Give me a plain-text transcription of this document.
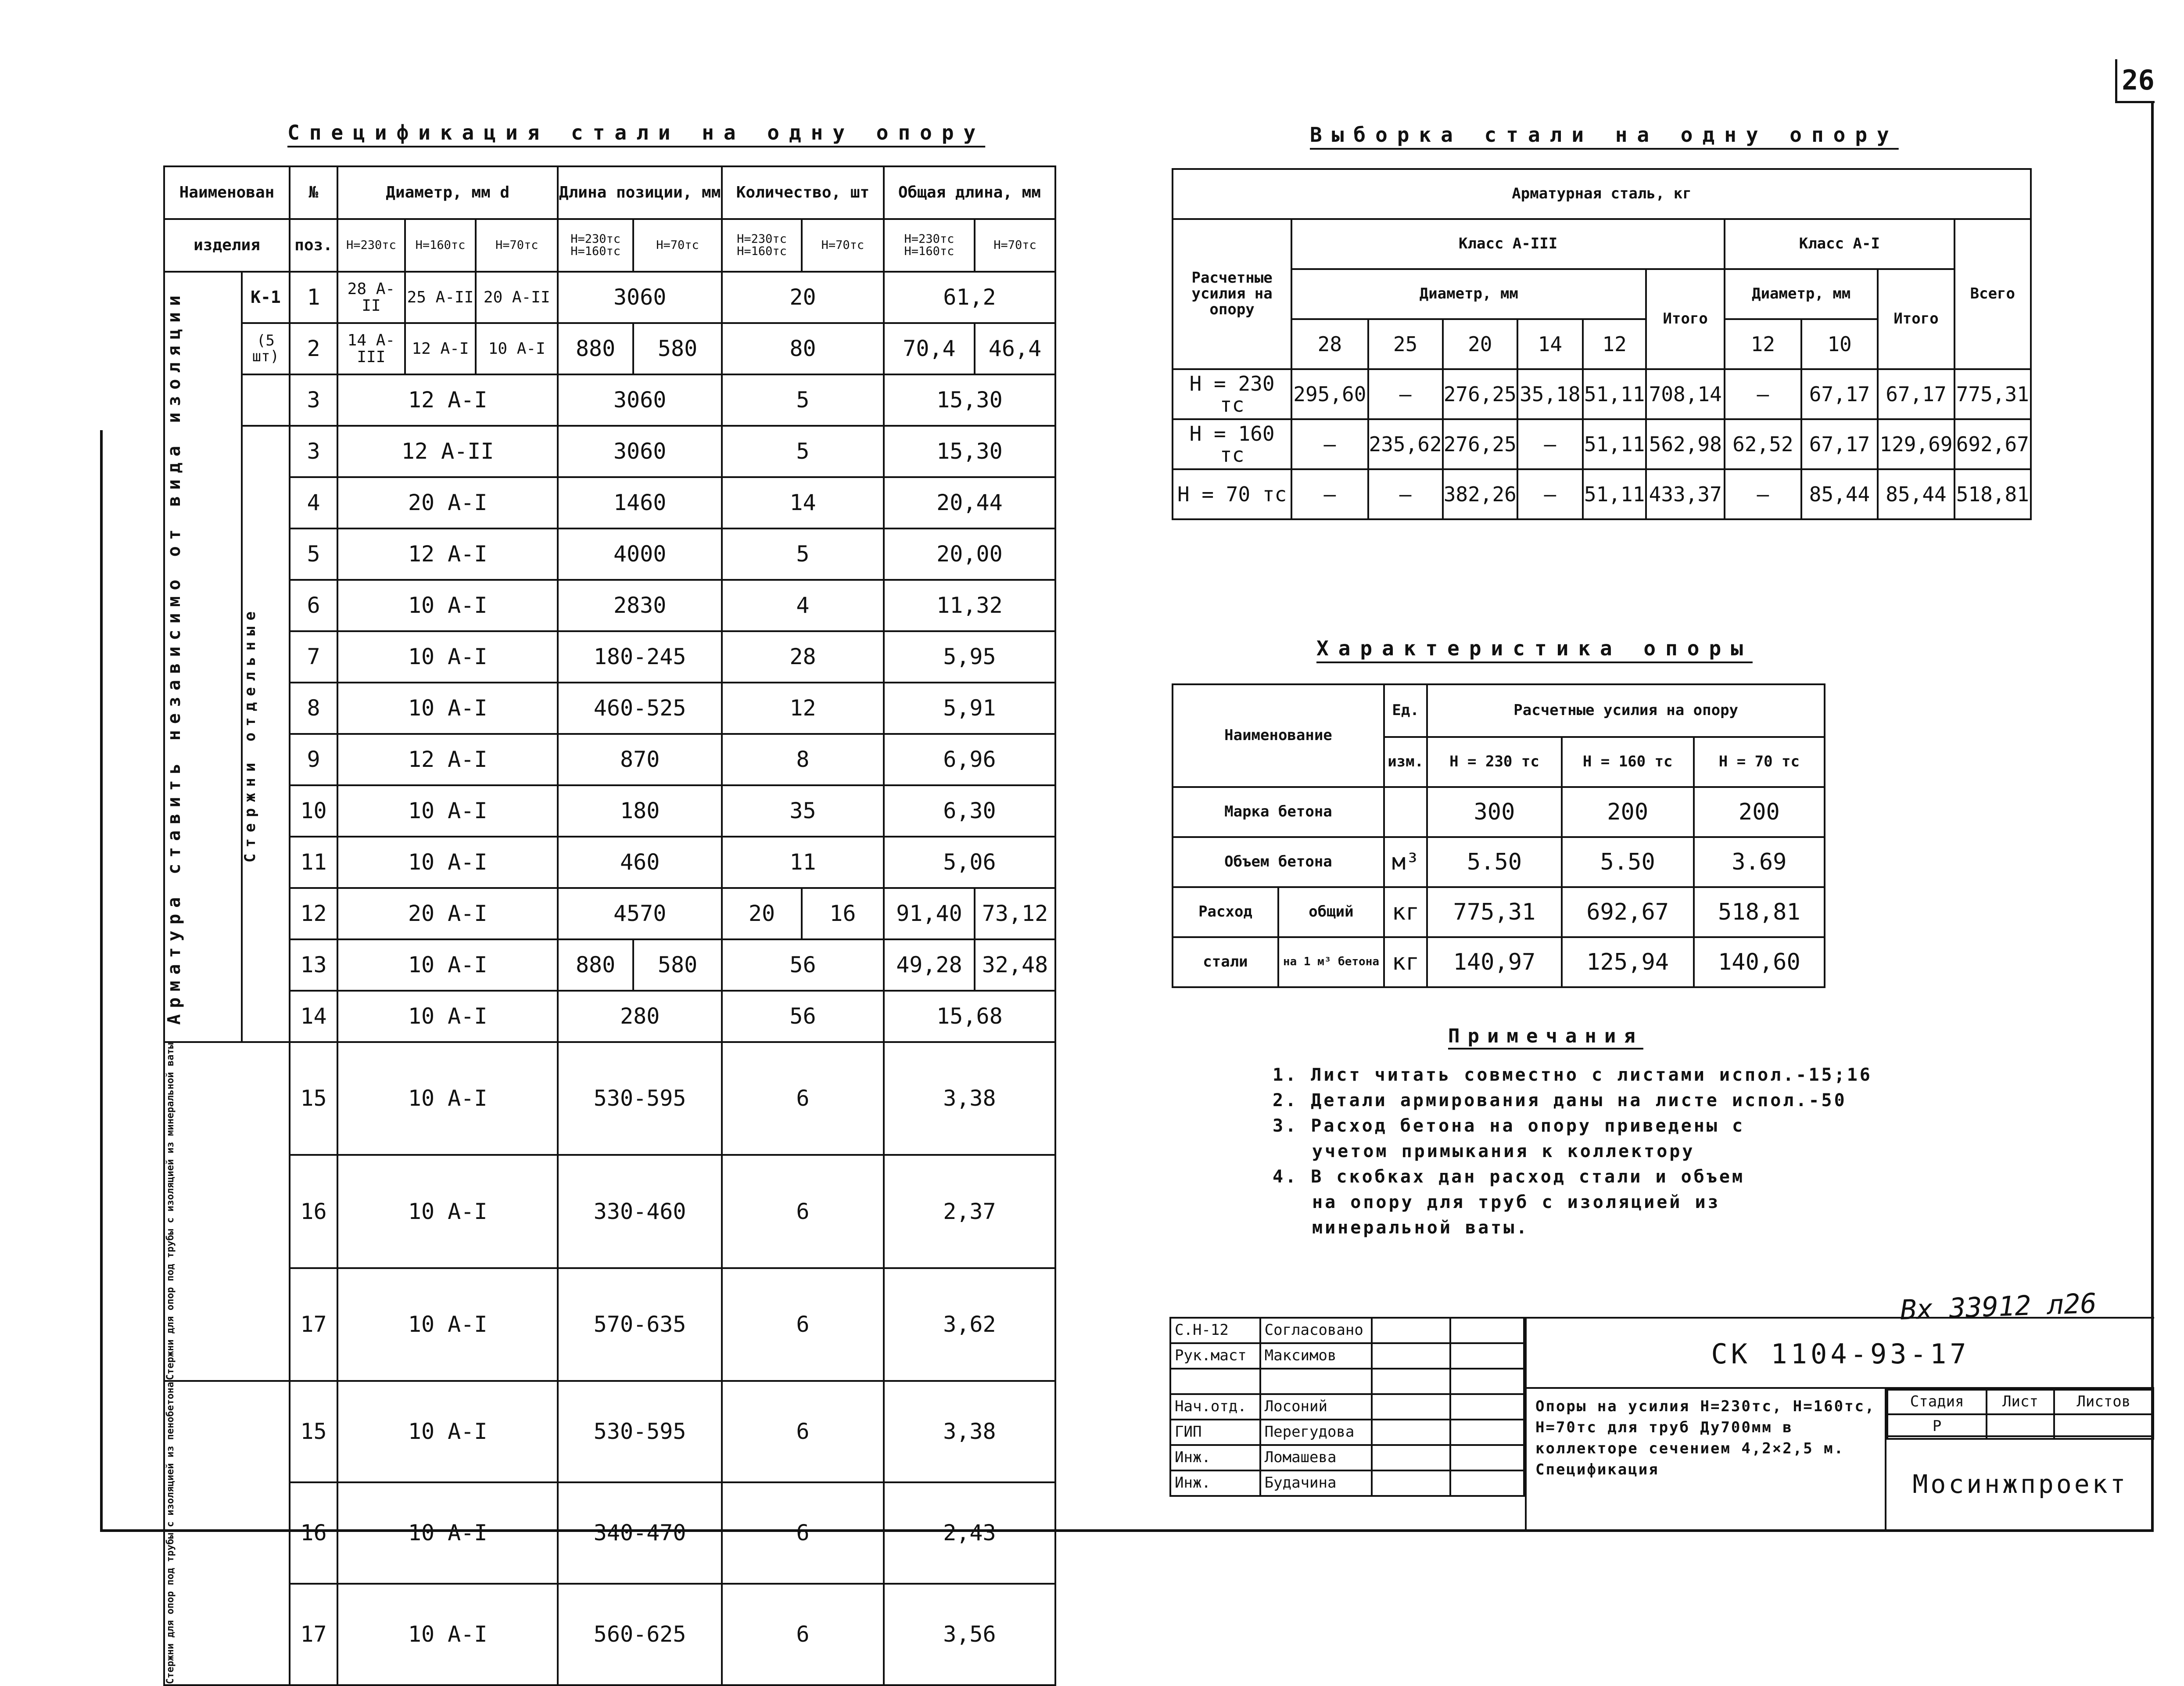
26
Спецификация стали на одну опору
Наименован		№	Диаметр, мм d			Длина позиции, мм		Количество, шт		Общая длина, мм	
изделия		поз.	Н=230тс	Н=160тс	Н=70тс	Н=230тс Н=160тс	Н=70тс	Н=230тс Н=160тс	Н=70тс	Н=230тс Н=160тс	Н=70тс

Арматура ставить независимо от вида изоляции	К-1	1	28 А-II	25 А-II	20 А-II	3060		20		61,2	
	(5 шт)	2	14 А-III	12 А-I	10 А-I	880	580	80		70,4	46,4
		3	12 А-I			3060		5		15,30	

	Стержни отдельные	3	12 А-II			3060		5		15,30	
		4	20 А-I			1460		14		20,44	
		5	12 А-I			4000		5		20,00	
		6	10 А-I			2830		4		11,32	
		7	10 А-I			180-245		28		5,95	
		8	10 А-I			460-525		12		5,91	
		9	12 А-I			870		8		6,96	
		10	10 А-I			180		35		6,30	
		11	10 А-I			460		11		5,06	
		12	20 А-I			4570		20	16	91,40	73,12
		13	10 А-I			880	580	56		49,28	32,48
		14	10 А-I			280		56		15,68	

Стержни для опор под трубы с изоляцией из минеральной ваты		15	10 А-I			530-595		6		3,38	
		16	10 А-I			330-460		6		2,37	
		17	10 А-I			570-635		6		3,62	

Стержни для опор под трубы с изоляцией из пенобетона		15	10 А-I			530-595		6		3,38	
		16	10 А-I			340-470		6		2,43	
		17	10 А-I			560-625		6		3,56	
Выборка стали на одну опору
Арматурная сталь, кг										
Расчетные усилия на опору	Класс А-III						Класс А-I			Всего
	Диаметр, мм					Итого	Диаметр, мм		Итого	
	28	25	20	14	12		12	10		
Н = 230 тс	295,60	—	276,25	35,18	51,11	708,14	—	67,17	67,17	775,31
Н = 160 тс	—	235,62	276,25	—	51,11	562,98	62,52	67,17	129,69	692,67
Н = 70 тс	—	—	382,26	—	51,11	433,37	—	85,44	85,44	518,81
Характеристика опоры
Наименование		Ед.	Расчетные усилия на опору		
		изм.	Н = 230 тс	Н = 160 тс	Н = 70 тс
Марка бетона			300	200	200
Объем бетона		м³	5.50	5.50	3.69
Расход	общий	кг	775,31	692,67	518,81
стали	на 1 м³ бетона	кг	140,97	125,94	140,60
Примечания
1. Лист читать совместно с листами испол.-15;16
2. Детали армирования даны на листе испол.-50
3. Расход бетона на опору приведены с
учетом примыкания к коллектору
4. В скобках дан расход стали и объем
на опору для труб с изоляцией из
минеральной ваты.
Вх 33912 л26
С.Н-12	Согласовано		
Рук.маст	Максимов		

Нач.отд.	Лосоний		
ГИП	Перегудова		
Инж.	Ломашева		
Инж.	Будачина		
СК 1104-93-17
Опоры на усилия Н=230тс, Н=160тс, Н=70тс для труб Ду700мм в коллекторе сечением 4,2×2,5 м. Спецификация
Стадия	Лист	Листов
Р		
Мосинжпроект
